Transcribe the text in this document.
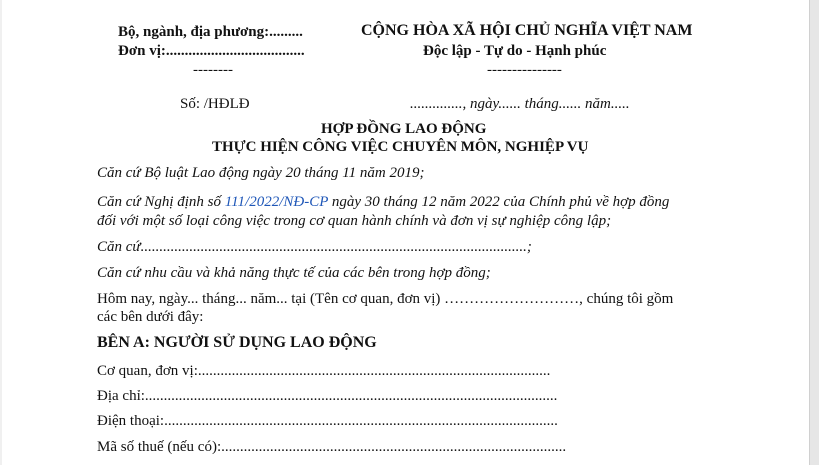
Bộ, ngành, địa phương:.........
Đơn vị:.....................................
--------
CỘNG HÒA XÃ HỘI CHỦ NGHĨA VIỆT NAM
Độc lập - Tự do - Hạnh phúc
---------------
Số: /HĐLĐ	.............., ngày...... tháng...... năm.....
HỢP ĐỒNG LAO ĐỘNG
THỰC HIỆN CÔNG VIỆC CHUYÊN MÔN, NGHIỆP VỤ
Căn cứ Bộ luật Lao động ngày 20 tháng 11 năm 2019;
Căn cứ Nghị định số 111/2022/NĐ-CP ngày 30 tháng 12 năm 2022 của Chính phủ về hợp đồng
đối với một số loại công việc trong cơ quan hành chính và đơn vị sự nghiệp công lập;
Căn cứ.......................................................................................................;
Căn cứ nhu cầu và khả năng thực tế của các bên trong hợp đồng;
Hôm nay, ngày... tháng... năm... tại (Tên cơ quan, đơn vị) ………………………, chúng tôi gồm
các bên dưới đây:
BÊN A: NGƯỜI SỬ DỤNG LAO ĐỘNG
Cơ quan, đơn vị:..............................................................................................
Địa chỉ:..............................................................................................................
Điện thoại:.........................................................................................................
Mã số thuế (nếu có):............................................................................................
